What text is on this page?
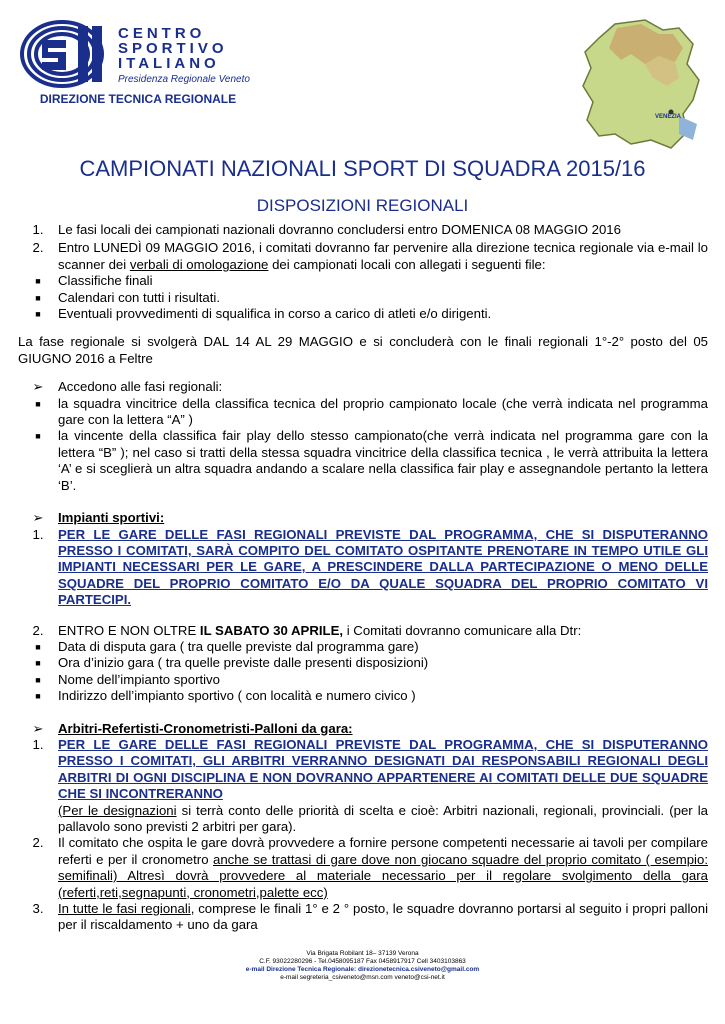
CENTRO
SPORTIVO
ITALIANO
Presidenza Regionale Veneto
DIREZIONE TECNICA REGIONALE
VENEZIA
CAMPIONATI NAZIONALI SPORT DI SQUADRA 2015/16
DISPOSIZIONI REGIONALI
1.	Le fasi locali dei campionati nazionali dovranno concludersi entro DOMENICA 08 MAGGIO 2016
2.	Entro LUNEDÌ 09 MAGGIO 2016, i comitati dovranno far pervenire alla direzione tecnica regionale via e-mail lo scanner dei verbali di omologazione dei campionati locali con allegati i seguenti file:
■	Classifiche finali
■	Calendari con tutti i risultati.
■	Eventuali provvedimenti di squalifica in corso a carico di atleti e/o dirigenti.
La fase regionale si svolgerà DAL 14 AL 29 MAGGIO e si concluderà con le finali regionali 1°-2° posto del 05 GIUGNO 2016 a Feltre
➢	Accedono alle fasi regionali:
■	la squadra vincitrice della classifica tecnica del proprio campionato locale (che verrà indicata nel programma gare con la lettera “A” )
■	la vincente della classifica fair play dello stesso campionato(che verrà indicata nel programma gare con la lettera “B” ); nel caso si tratti della stessa squadra vincitrice della classifica tecnica , le verrà attribuita la lettera ‘A’ e si sceglierà un altra squadra andando a scalare nella classifica fair play e assegnandole pertanto la lettera ‘B’.
➢	Impianti sportivi:
1.	PER LE GARE DELLE FASI REGIONALI PREVISTE DAL PROGRAMMA, CHE SI DISPUTERANNO PRESSO I COMITATI, SARÀ COMPITO DEL COMITATO OSPITANTE PRENOTARE IN TEMPO UTILE GLI IMPIANTI NECESSARI PER LE GARE, A PRESCINDERE DALLA PARTECIPAZIONE O MENO DELLE SQUADRE DEL PROPRIO COMITATO E/O DA QUALE SQUADRA DEL PROPRIO COMITATO VI PARTECIPI.
2.	ENTRO E NON OLTRE IL SABATO 30 APRILE, i Comitati dovranno comunicare alla Dtr:
■	Data di disputa gara ( tra quelle previste dal programma gare)
■	Ora d’inizio gara ( tra quelle previste dalle presenti disposizioni)
■	Nome dell’impianto sportivo
■	Indirizzo dell’impianto sportivo ( con località e numero civico )
➢	Arbitri-Refertisti-Cronometristi-Palloni da gara:
1.	PER LE GARE DELLE FASI REGIONALI PREVISTE DAL PROGRAMMA, CHE SI DISPUTERANNO PRESSO I COMITATI, GLI ARBITRI VERRANNO DESIGNATI DAI RESPONSABILI REGIONALI DEGLI ARBITRI DI OGNI DISCIPLINA E NON DOVRANNO APPARTENERE AI COMITATI DELLE DUE SQUADRE CHE SI INCONTRERANNO
(Per le designazioni si terrà conto delle priorità di scelta e cioè: Arbitri nazionali, regionali, provinciali. (per la pallavolo sono previsti 2 arbitri per gara).
2.	Il comitato che ospita le gare dovrà provvedere a fornire persone competenti necessarie ai tavoli per compilare referti e per il cronometro anche se trattasi di gare dove non giocano squadre del proprio comitato ( esempio: semifinali) Altresì dovrà provvedere al materiale necessario per il regolare svolgimento della gara (referti,reti,segnapunti, cronometri,palette ecc)
3.	In tutte le fasi regionali, comprese le finali 1° e 2 ° posto, le squadre dovranno portarsi al seguito i propri palloni per il riscaldamento + uno da gara
Via Brigata Robilant 18– 37139 Verona
C.F. 93022280296 - Tel.0458095187 Fax 0458917917 Cell 3403103863
e-mail Direzione Tecnica Regionale: direzionetecnica.csiveneto@gmail.com
e-mail segreteria_csiveneto@msn.com veneto@csi-net.it
